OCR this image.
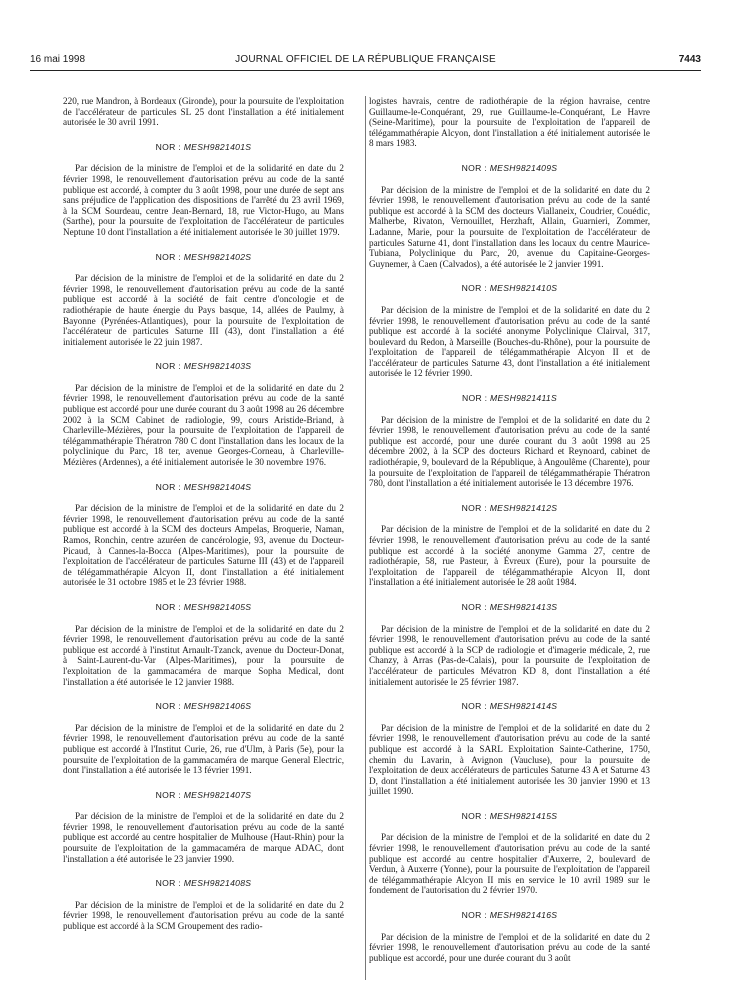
16 mai 1998	JOURNAL OFFICIEL DE LA RÉPUBLIQUE FRANÇAISE	7443

220, rue Mandron, à Bordeaux (Gironde), pour la poursuite de l'exploitation de l'accélérateur de particules SL 25 dont l'installation a été initialement autorisée le 30 avril 1991.

NOR : MESH9821401S

Par décision de la ministre de l'emploi et de la solidarité en date du 2 février 1998, le renouvellement d'autorisation prévu au code de la santé publique est accordé, à compter du 3 août 1998, pour une durée de sept ans sans préjudice de l'application des dispositions de l'arrêté du 23 avril 1969, à la SCM Sourdeau, centre Jean-Bernard, 18, rue Victor-Hugo, au Mans (Sarthe), pour la poursuite de l'exploitation de l'accélérateur de particules Neptune 10 dont l'installation a été initialement autorisée le 30 juillet 1979.

NOR : MESH9821402S

Par décision de la ministre de l'emploi et de la solidarité en date du 2 février 1998, le renouvellement d'autorisation prévu au code de la santé publique est accordé à la société de fait centre d'oncologie et de radiothérapie de haute énergie du Pays basque, 14, allées de Paulmy, à Bayonne (Pyrénées-Atlantiques), pour la poursuite de l'exploitation de l'accélérateur de particules Saturne III (43), dont l'installation a été initialement autorisée le 22 juin 1987.

NOR : MESH9821403S

Par décision de la ministre de l'emploi et de la solidarité en date du 2 février 1998, le renouvellement d'autorisation prévu au code de la santé publique est accordé pour une durée courant du 3 août 1998 au 26 décembre 2002 à la SCM Cabinet de radiologie, 99, cours Aristide-Briand, à Charleville-Mézières, pour la poursuite de l'exploitation de l'appareil de télégammathérapie Thératron 780 C dont l'installation dans les locaux de la polyclinique du Parc, 18 ter, avenue Georges-Corneau, à Charleville-Mézières (Ardennes), a été initialement autorisée le 30 novembre 1976.

NOR : MESH9821404S

Par décision de la ministre de l'emploi et de la solidarité en date du 2 février 1998, le renouvellement d'autorisation prévu au code de la santé publique est accordé à la SCM des docteurs Ampelas, Broquerie, Naman, Ramos, Ronchin, centre azuréen de cancérologie, 93, avenue du Docteur-Picaud, à Cannes-la-Bocca (Alpes-Maritimes), pour la poursuite de l'exploitation de l'accélérateur de particules Saturne III (43) et de l'appareil de télégammathérapie Alcyon II, dont l'installation a été initialement autorisée le 31 octobre 1985 et le 23 février 1988.

NOR : MESH9821405S

Par décision de la ministre de l'emploi et de la solidarité en date du 2 février 1998, le renouvellement d'autorisation prévu au code de la santé publique est accordé à l'institut Arnault-Tzanck, avenue du Docteur-Donat, à Saint-Laurent-du-Var (Alpes-Maritimes), pour la poursuite de l'exploitation de la gammacaméra de marque Sopha Medical, dont l'installation a été autorisée le 12 janvier 1988.

NOR : MESH9821406S

Par décision de la ministre de l'emploi et de la solidarité en date du 2 février 1998, le renouvellement d'autorisation prévu au code de la santé publique est accordé à l'Institut Curie, 26, rue d'Ulm, à Paris (5e), pour la poursuite de l'exploitation de la gammacaméra de marque General Electric, dont l'installation a été autorisée le 13 février 1991.

NOR : MESH9821407S

Par décision de la ministre de l'emploi et de la solidarité en date du 2 février 1998, le renouvellement d'autorisation prévu au code de la santé publique est accordé au centre hospitalier de Mulhouse (Haut-Rhin) pour la poursuite de l'exploitation de la gammacaméra de marque ADAC, dont l'installation a été autorisée le 23 janvier 1990.

NOR : MESH9821408S

Par décision de la ministre de l'emploi et de la solidarité en date du 2 février 1998, le renouvellement d'autorisation prévu au code de la santé publique est accordé à la SCM Groupement des radio-

logistes havrais, centre de radiothérapie de la région havraise, centre Guillaume-le-Conquérant, 29, rue Guillaume-le-Conquérant, Le Havre (Seine-Maritime), pour la poursuite de l'exploitation de l'appareil de télégammathérapie Alcyon, dont l'installation a été initialement autorisée le 8 mars 1983.

NOR : MESH9821409S

Par décision de la ministre de l'emploi et de la solidarité en date du 2 février 1998, le renouvellement d'autorisation prévu au code de la santé publique est accordé à la SCM des docteurs Viallaneix, Coudrier, Couédic, Malherbe, Rivaton, Vernouillet, Herzhaft, Allain, Guarnieri, Zommer, Ladanne, Marie, pour la poursuite de l'exploitation de l'accélérateur de particules Saturne 41, dont l'installation dans les locaux du centre Maurice-Tubiana, Polyclinique du Parc, 20, avenue du Capitaine-Georges-Guynemer, à Caen (Calvados), a été autorisée le 2 janvier 1991.

NOR : MESH9821410S

Par décision de la ministre de l'emploi et de la solidarité en date du 2 février 1998, le renouvellement d'autorisation prévu au code de la santé publique est accordé à la société anonyme Polyclinique Clairval, 317, boulevard du Redon, à Marseille (Bouches-du-Rhône), pour la poursuite de l'exploitation de l'appareil de télégammathérapie Alcyon II et de l'accélérateur de particules Saturne 43, dont l'installation a été initialement autorisée le 12 février 1990.

NOR : MESH9821411S

Par décision de la ministre de l'emploi et de la solidarité en date du 2 février 1998, le renouvellement d'autorisation prévu au code de la santé publique est accordé, pour une durée courant du 3 août 1998 au 25 décembre 2002, à la SCP des docteurs Richard et Reynoard, cabinet de radiothérapie, 9, boulevard de la République, à Angoulême (Charente), pour la poursuite de l'exploitation de l'appareil de télégammathérapie Thératron 780, dont l'installation a été initialement autorisée le 13 décembre 1976.

NOR : MESH9821412S

Par décision de la ministre de l'emploi et de la solidarité en date du 2 février 1998, le renouvellement d'autorisation prévu au code de la santé publique est accordé à la société anonyme Gamma 27, centre de radiothérapie, 58, rue Pasteur, à Évreux (Eure), pour la poursuite de l'exploitation de l'appareil de télégammathérapie Alcyon II, dont l'installation a été initialement autorisée le 28 août 1984.

NOR : MESH9821413S

Par décision de la ministre de l'emploi et de la solidarité en date du 2 février 1998, le renouvellement d'autorisation prévu au code de la santé publique est accordé à la SCP de radiologie et d'imagerie médicale, 2, rue Chanzy, à Arras (Pas-de-Calais), pour la poursuite de l'exploitation de l'accélérateur de particules Mévatron KD 8, dont l'installation a été initialement autorisée le 25 février 1987.

NOR : MESH9821414S

Par décision de la ministre de l'emploi et de la solidarité en date du 2 février 1998, le renouvellement d'autorisation prévu au code de la santé publique est accordé à la SARL Exploitation Sainte-Catherine, 1750, chemin du Lavarin, à Avignon (Vaucluse), pour la poursuite de l'exploitation de deux accélérateurs de particules Saturne 43 A et Saturne 43 D, dont l'installation a été initialement autorisée les 30 janvier 1990 et 13 juillet 1990.

NOR : MESH9821415S

Par décision de la ministre de l'emploi et de la solidarité en date du 2 février 1998, le renouvellement d'autorisation prévu au code de la santé publique est accordé au centre hospitalier d'Auxerre, 2, boulevard de Verdun, à Auxerre (Yonne), pour la poursuite de l'exploitation de l'appareil de télégammathérapie Alcyon II mis en service le 10 avril 1989 sur le fondement de l'autorisation du 2 février 1970.

NOR : MESH9821416S

Par décision de la ministre de l'emploi et de la solidarité en date du 2 février 1998, le renouvellement d'autorisation prévu au code de la santé publique est accordé, pour une durée courant du 3 août
